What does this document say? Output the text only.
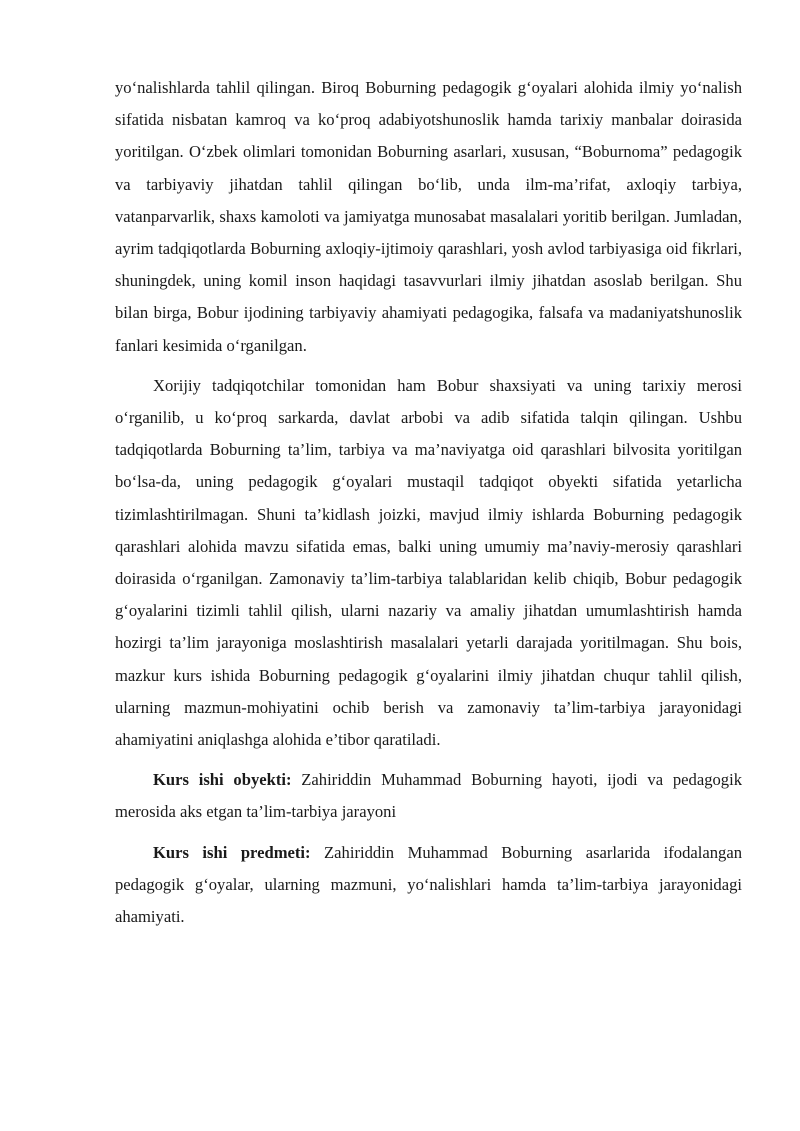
yo‘nalishlarda tahlil qilingan. Biroq Boburning pedagogik g‘oyalari alohida ilmiy yo‘nalish sifatida nisbatan kamroq va ko‘proq adabiyotshunoslik hamda tarixiy manbalar doirasida yoritilgan. O‘zbek olimlari tomonidan Boburning asarlari, xususan, “Boburnoma” pedagogik va tarbiyaviy jihatdan tahlil qilingan bo‘lib, unda ilm-ma’rifat, axloqiy tarbiya, vatanparvarlik, shaxs kamoloti va jamiyatga munosabat masalalari yoritib berilgan. Jumladan, ayrim tadqiqotlarda Boburning axloqiy-ijtimoiy qarashlari, yosh avlod tarbiyasiga oid fikrlari, shuningdek, uning komil inson haqidagi tasavvurlari ilmiy jihatdan asoslab berilgan. Shu bilan birga, Bobur ijodining tarbiyaviy ahamiyati pedagogika, falsafa va madaniyatshunoslik fanlari kesimida o‘rganilgan.

Xorijiy tadqiqotchilar tomonidan ham Bobur shaxsiyati va uning tarixiy merosi o‘rganilib, u ko‘proq sarkarda, davlat arbobi va adib sifatida talqin qilingan. Ushbu tadqiqotlarda Boburning ta’lim, tarbiya va ma’naviyatga oid qarashlari bilvosita yoritilgan bo‘lsa-da, uning pedagogik g‘oyalari mustaqil tadqiqot obyekti sifatida yetarlicha tizimlashtirilmagan. Shuni ta’kidlash joizki, mavjud ilmiy ishlarda Boburning pedagogik qarashlari alohida mavzu sifatida emas, balki uning umumiy ma’naviy-merosiy qarashlari doirasida o‘rganilgan. Zamonaviy ta’lim-tarbiya talablaridan kelib chiqib, Bobur pedagogik g‘oyalarini tizimli tahlil qilish, ularni nazariy va amaliy jihatdan umumlashtirish hamda hozirgi ta’lim jarayoniga moslashtirish masalalari yetarli darajada yoritilmagan. Shu bois, mazkur kurs ishida Boburning pedagogik g‘oyalarini ilmiy jihatdan chuqur tahlil qilish, ularning mazmun-mohiyatini ochib berish va zamonaviy ta’lim-tarbiya jarayonidagi ahamiyatini aniqlashga alohida e’tibor qaratiladi.

Kurs ishi obyekti: Zahiriddin Muhammad Boburning hayoti, ijodi va pedagogik merosida aks etgan ta’lim-tarbiya jarayoni

Kurs ishi predmeti: Zahiriddin Muhammad Boburning asarlarida ifodalangan pedagogik g‘oyalar, ularning mazmuni, yo‘nalishlari hamda ta’lim-tarbiya jarayonidagi ahamiyati.
